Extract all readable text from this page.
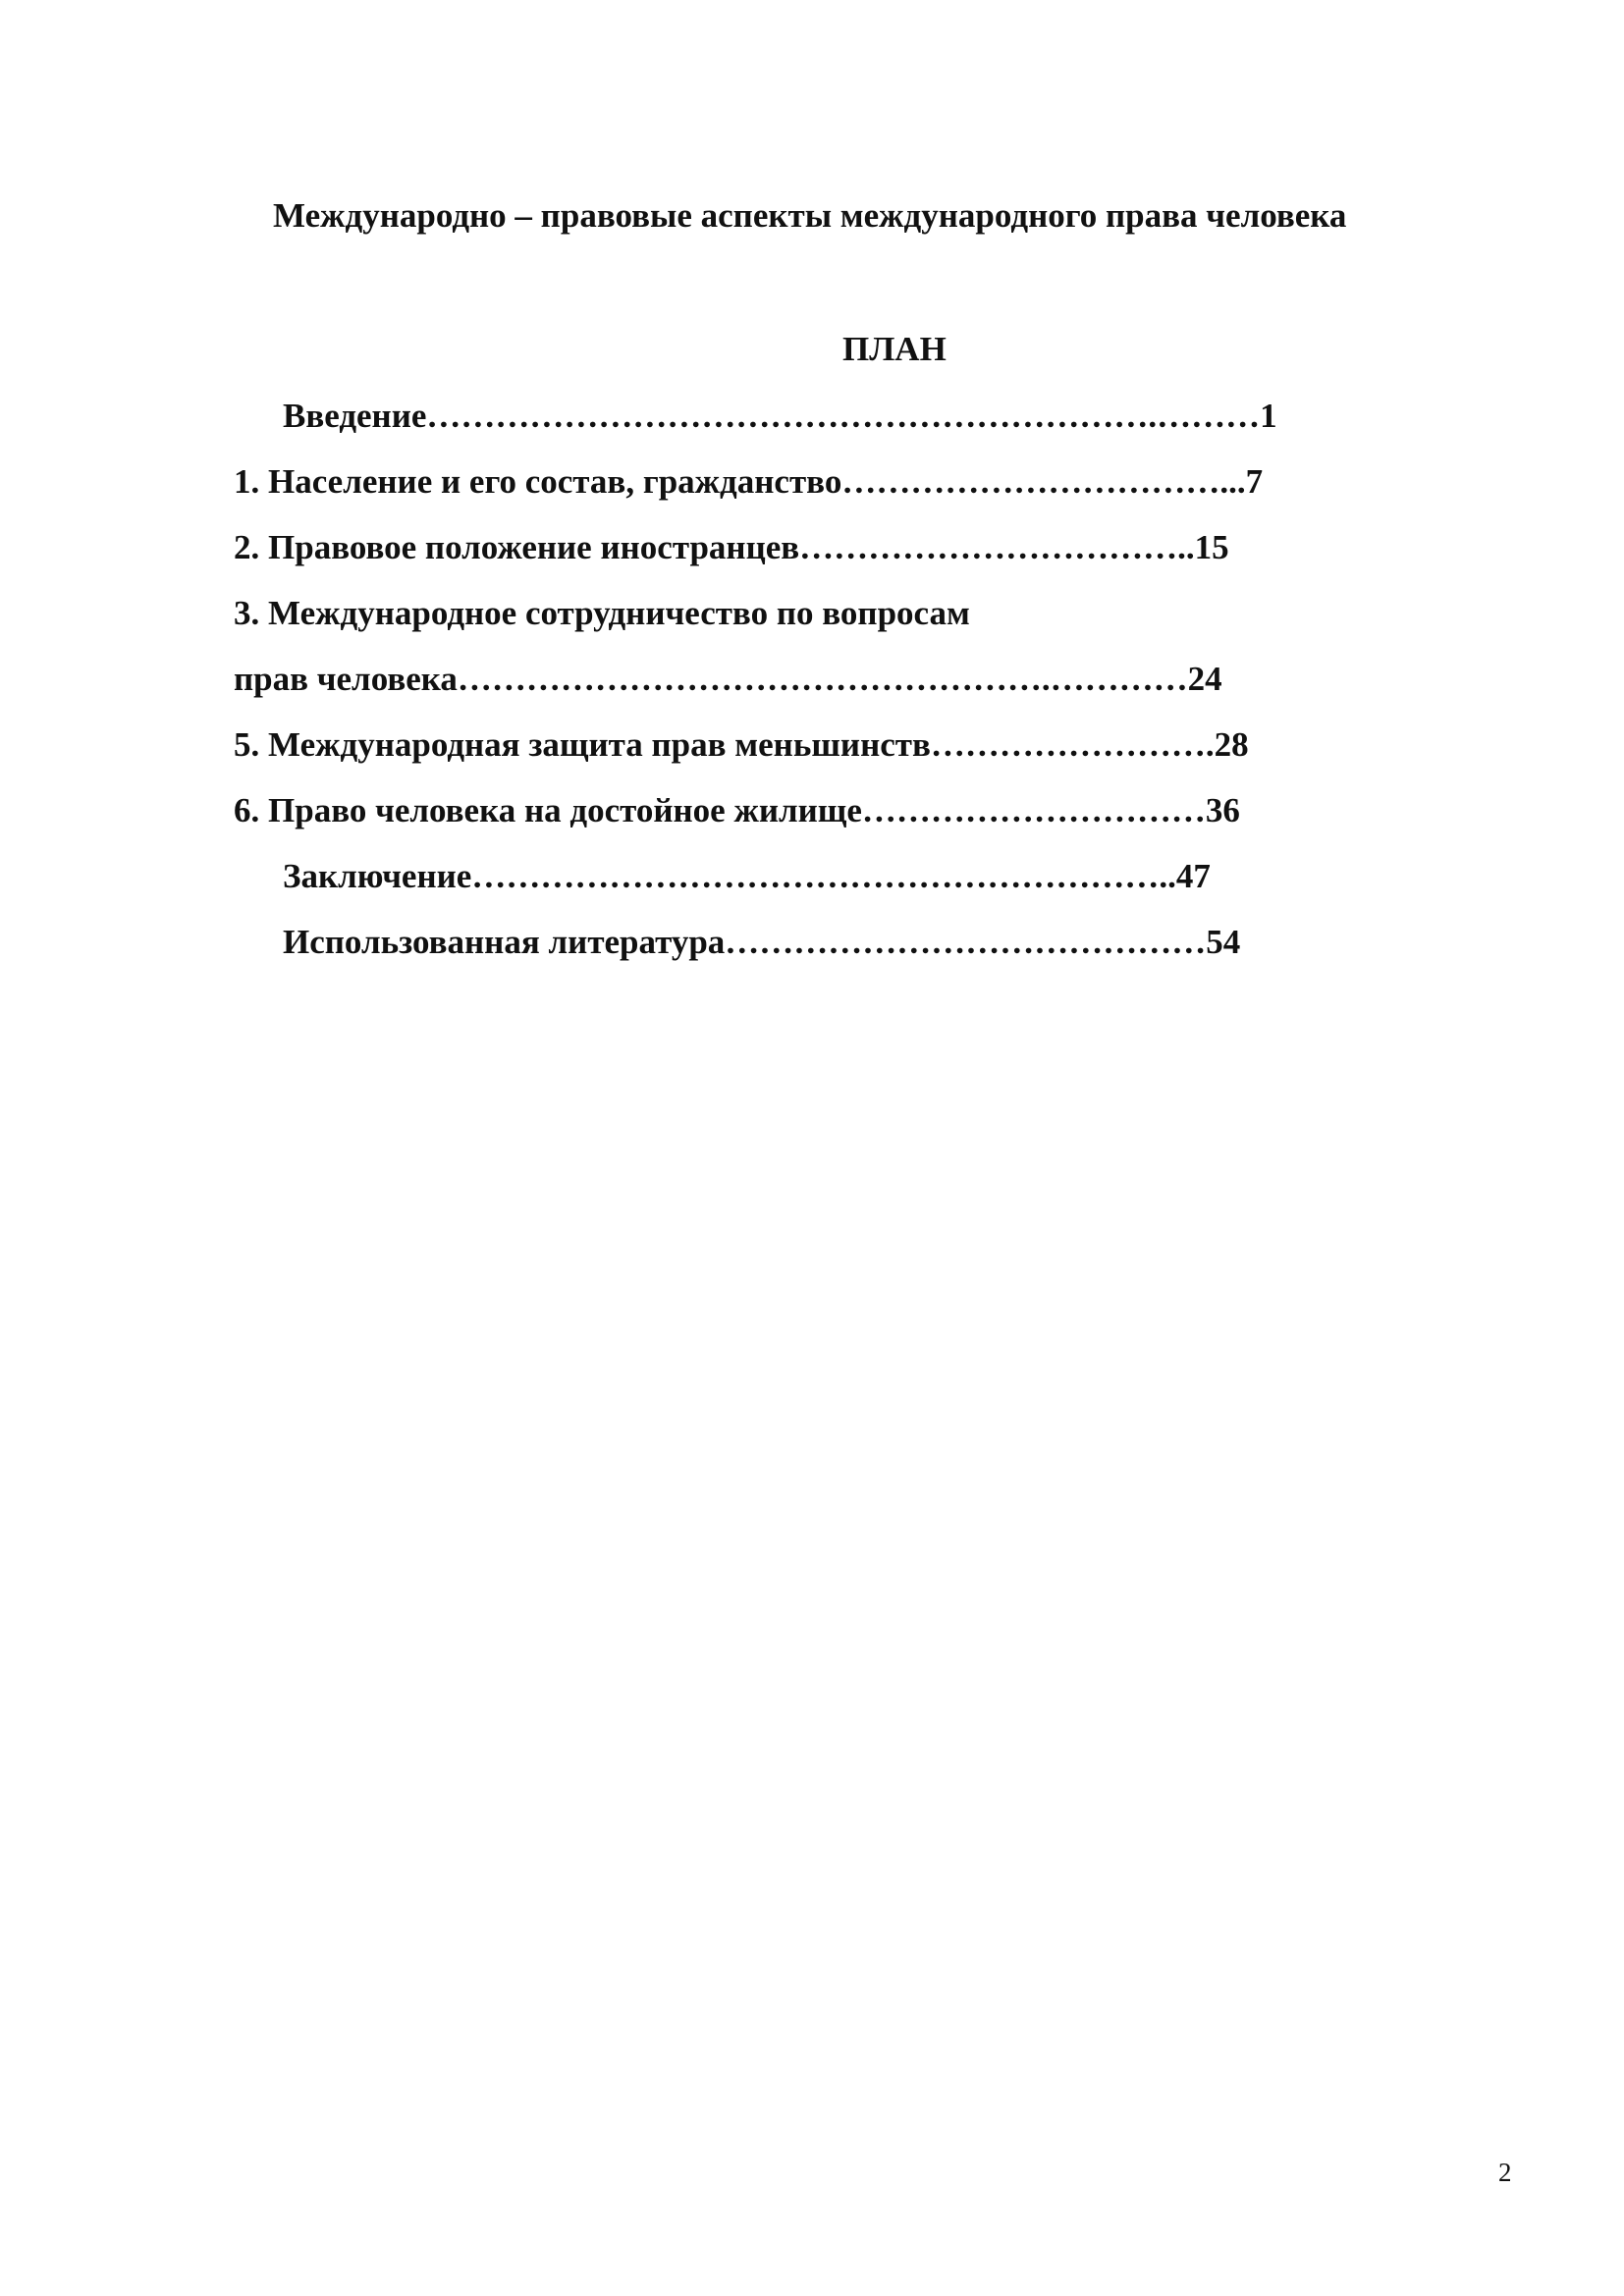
Международно – правовые аспекты международного права человека
ПЛАН
Введение……………………………………………………….………1
1. Население и его состав, гражданство……………………………...7
2. Правовое положение иностранцев……………………………..15
3. Международное сотрудничество по вопросам
прав человека…………………………………………….…………24
5. Международная защита прав меньшинств…………………….28
6. Право человека на достойное жилище…………………………36
Заключение……………………………………………………..47
Использованная литература……………………………………54
2
